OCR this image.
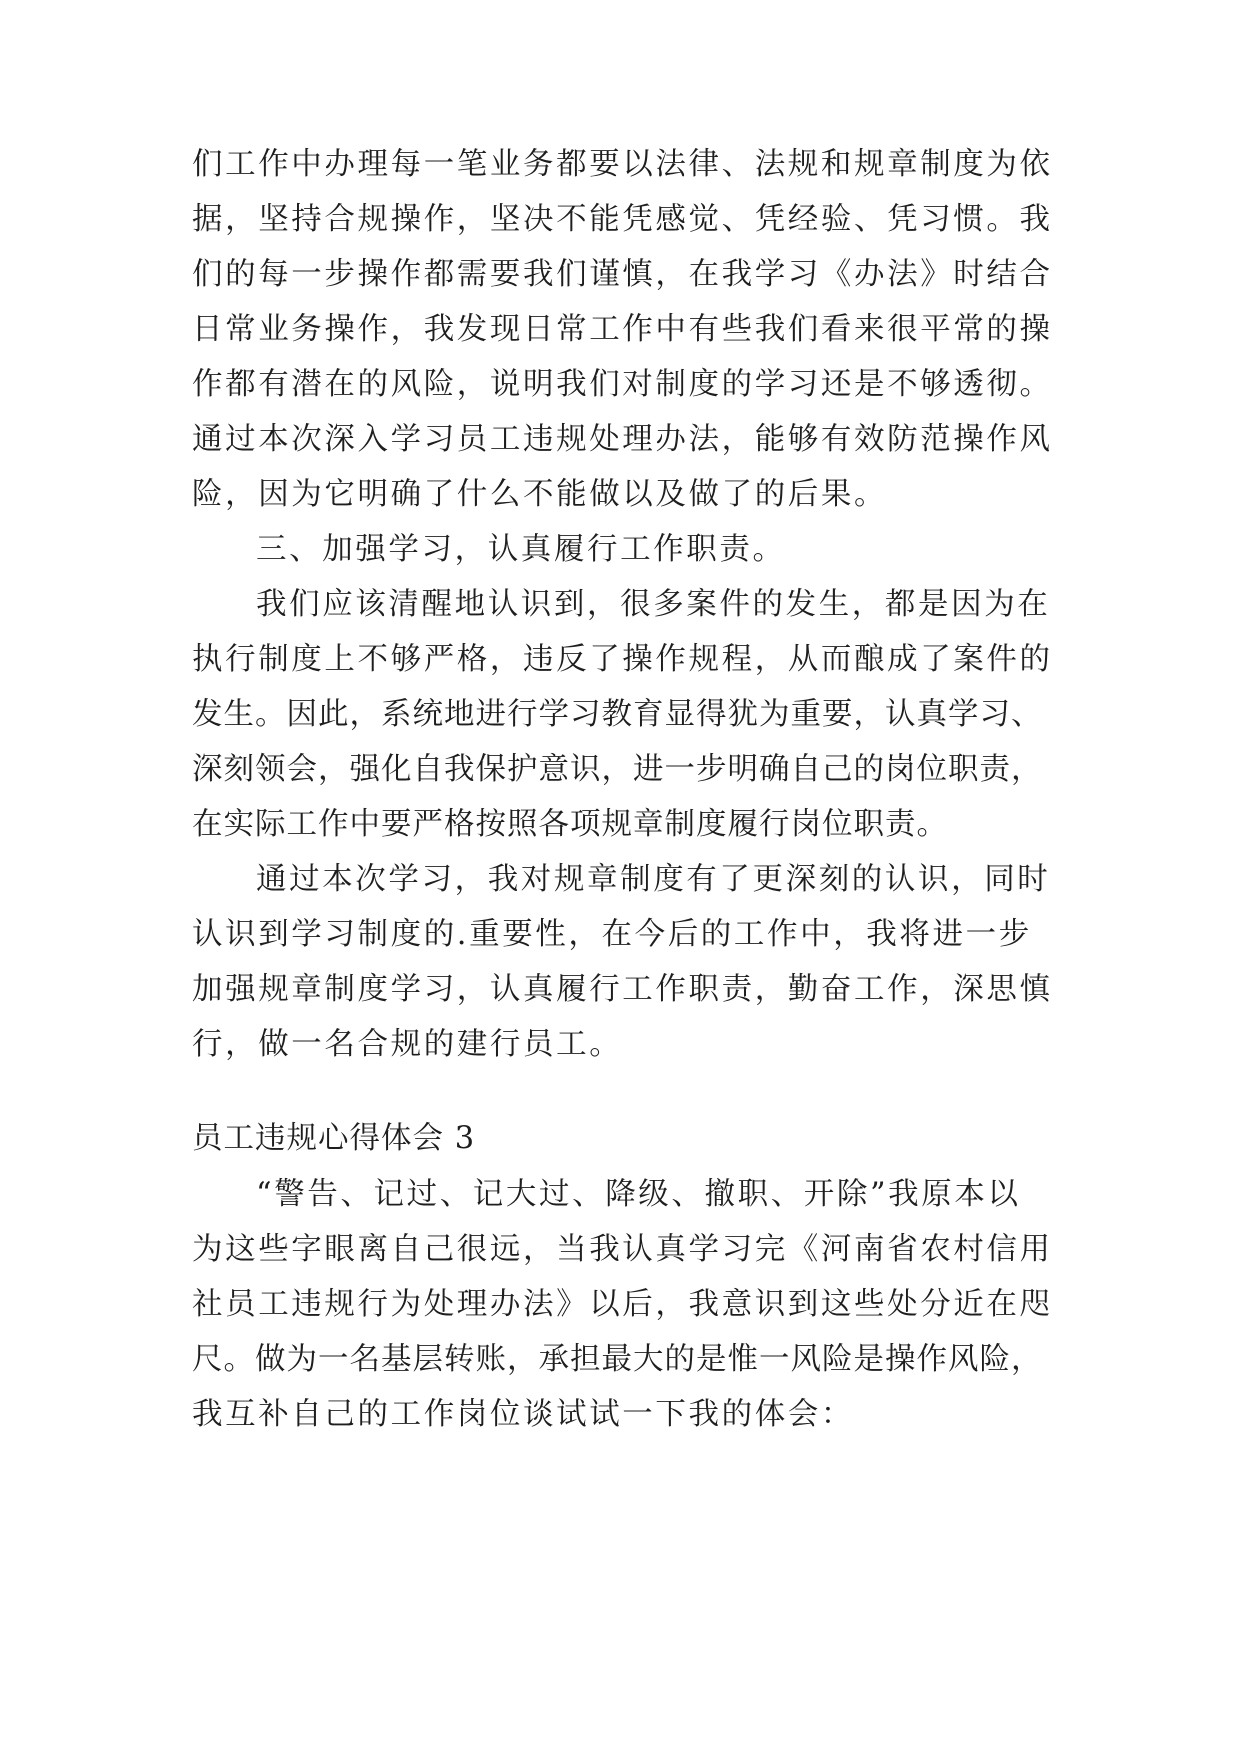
们工作中办理每一笔业务都要以法律、法规和规章制度为依
据，坚持合规操作，坚决不能凭感觉、凭经验、凭习惯。我
们的每一步操作都需要我们谨慎，在我学习《办法》时结合
日常业务操作，我发现日常工作中有些我们看来很平常的操
作都有潜在的风险，说明我们对制度的学习还是不够透彻。
通过本次深入学习员工违规处理办法，能够有效防范操作风
险，因为它明确了什么不能做以及做了的后果。
三、加强学习，认真履行工作职责。
我们应该清醒地认识到，很多案件的发生，都是因为在
执行制度上不够严格，违反了操作规程，从而酿成了案件的
发生。因此，系统地进行学习教育显得犹为重要，认真学习、
深刻领会，强化自我保护意识，进一步明确自己的岗位职责，
在实际工作中要严格按照各项规章制度履行岗位职责。
通过本次学习，我对规章制度有了更深刻的认识，同时
认识到学习制度的.重要性，在今后的工作中，我将进一步
加强规章制度学习，认真履行工作职责，勤奋工作，深思慎
行，做一名合规的建行员工。
员工违规心得体会 3
“警告、记过、记大过、降级、撤职、开除”我原本以
为这些字眼离自己很远，当我认真学习完《河南省农村信用
社员工违规行为处理办法》以后，我意识到这些处分近在咫
尺。做为一名基层转账，承担最大的是惟一风险是操作风险，
我互补自己的工作岗位谈试试一下我的体会：
